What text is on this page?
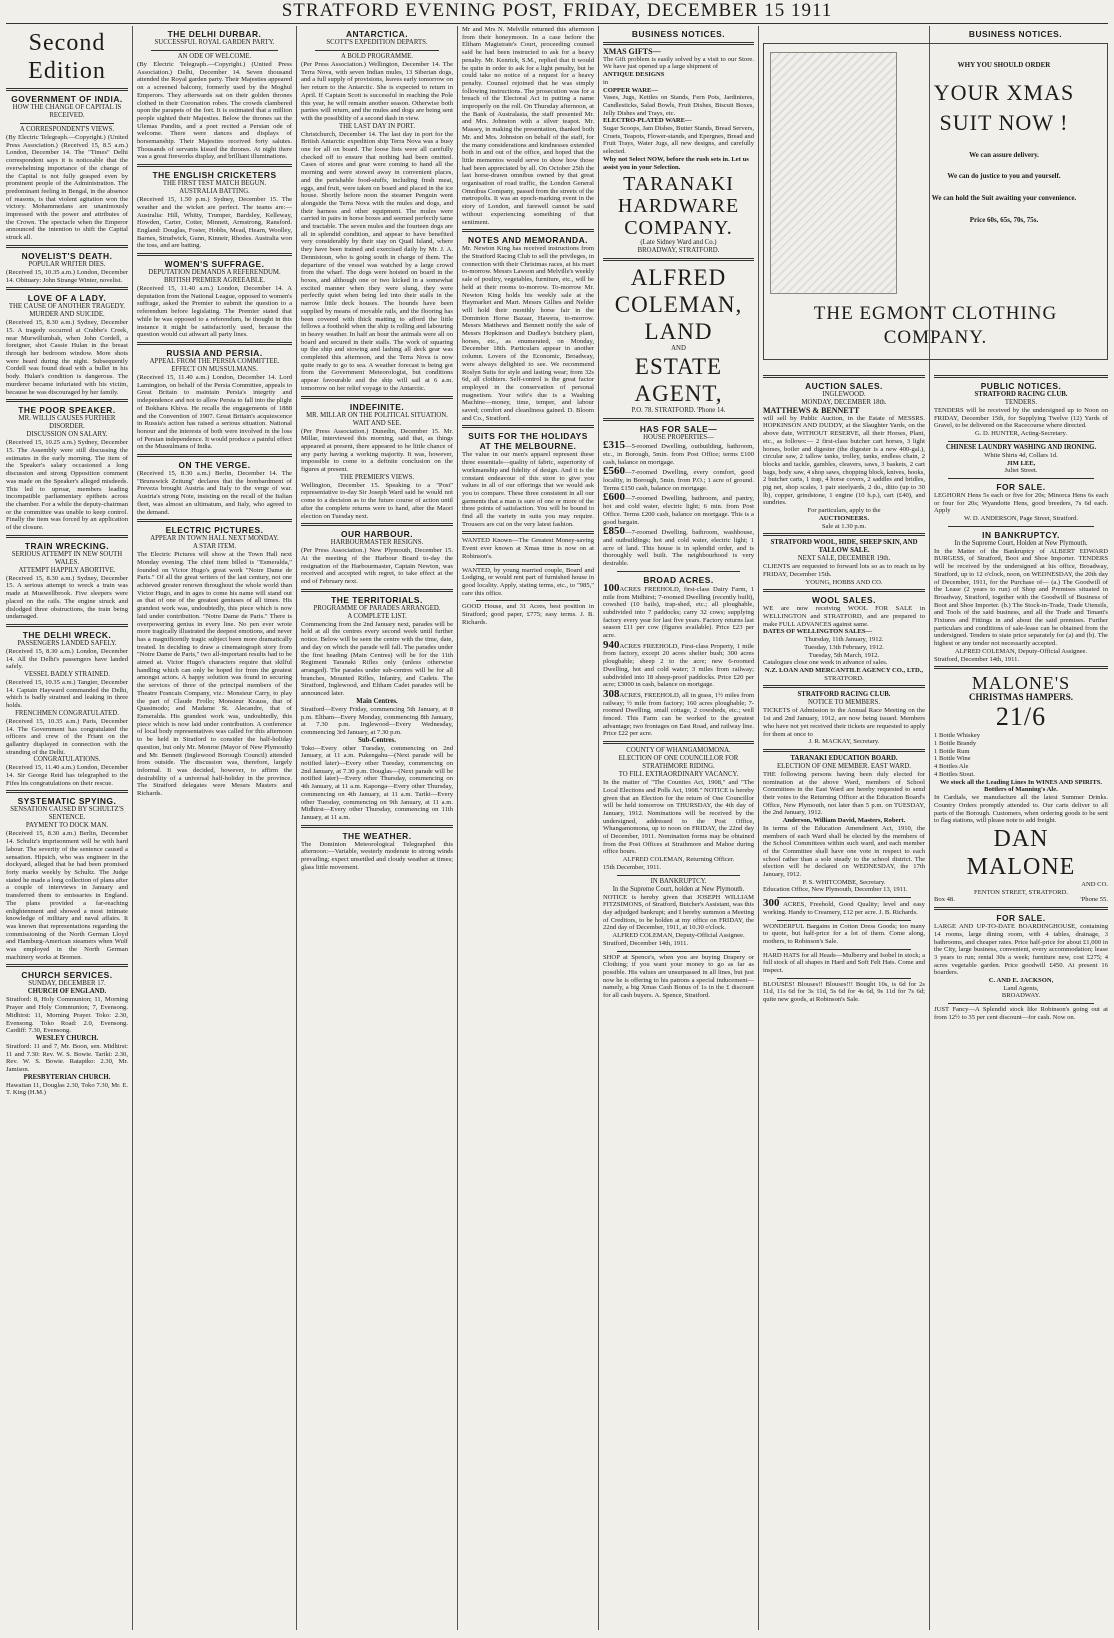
STRATFORD EVENING POST, FRIDAY, DECEMBER 15 1911
Second Edition
GOVERNMENT OF INDIA.
HOW THE CHANGE OF CAPITAL IS RECEIVED.
A CORRESPONDENT'S VIEWS.
(By Electric Telegraph.—Copyright.) (United Press Association.) (Received 15, 8.5 a.m.) London, December 14. The "Times" Delhi correspondent says it is noticeable that the overwhelming importance of the change of the Capital is not fully grasped even by prominent people of the Administration. The predominant feeling in Bengal, in the absence of reasons, is that violent agitation won the victory. Mohammedans are unanimously impressed with the power and attributes of the Crown. The spectacle when the Emperor announced the intention to shift the Capital struck all.
NOVELIST'S DEATH.
POPULAR WRITER DIES.
(Received 15, 10.35 a.m.) London, December 14. Obituary: John Strange Winter, novelist.
LOVE OF A LADY.
THE CAUSE OF ANOTHER TRAGEDY.
MURDER AND SUICIDE.
(Received 15, 8.30 a.m.) Sydney, December 15. A tragedy occurred at Crabbe's Creek, near Murwillumbah, when John Cordell, a foreigner, shot Cassie Hulan in the breast through her bedroom window. More shots were heard during the night. Subsequently Cordell was found dead with a bullet in his body. Hulan's condition is dangerous. The murderer became infuriated with his victim, because he was discouraged by her family.
THE POOR SPEAKER.
MR. WILLIS CAUSES FURTHER DISORDER.
DISCUSSION ON SALARY.
(Received 15, 10.25 a.m.) Sydney, December 15. The Assembly were still discussing the estimates in the early morning. The item of the Speaker's salary occasioned a long discussion and strong Opposition comment was made on the Speaker's alleged misdeeds. This led to uproar, members leading incompatible parliamentary epithets across the chamber. For a while the deputy-chairman or the committee was unable to keep control. Finally the item was forced by an application of the closure.
TRAIN WRECKING.
SERIOUS ATTEMPT IN NEW SOUTH WALES.
ATTEMPT HAPPILY ABORTIVE.
(Received 15, 8.30 a.m.) Sydney, December 15. A serious attempt to wreck a train was made at Muswellbrook. Five sleepers were placed on the rails. The engine struck and dislodged three obstructions, the train being undamaged.
THE DELHI WRECK.
PASSENGERS LANDED SAFELY.
(Received 15, 8.30 a.m.) London, December 14. All the Delhi's passengers have landed safely.
VESSEL BADLY STRAINED.
(Received 15, 10.35 a.m.) Tangier, December 14. Captain Hayward commanded the Delhi, which is badly strained and leaking in three holds.
FRENCHMEN CONGRATULATED.
(Received 15, 10.35 a.m.) Paris, December 14. The Government has congratulated the officers and crew of the Friant on the gallantry displayed in connection with the stranding of the Delhi.
CONGRATULATIONS.
(Received 15, 11.40 a.m.) London, December 14. Sir George Reid has telegraphed to the Fifes his congratulations on their rescue.
SYSTEMATIC SPYING.
SENSATION CAUSED BY SCHULTZ'S SENTENCE.
PAYMENT TO DOCK MAN.
(Received 15, 8.30 a.m.) Berlin, December 14. Schultz's imprisonment will be with hard labour. The severity of the sentence caused a sensation. Hipsich, who was engineer in the dockyard, alleged that he had been promised forty marks weekly by Schultz. The Judge stated he made a long collection of plans after a couple of interviews in January and transferred them to emissaries in England. The plans provided a far-reaching enlightenment and showed a most intimate knowledge of military and naval affairs. It was known that representations regarding the commissioning of the North German Lloyd and Hamburg-American steamers when Wulf was employed in the North German machinery works at Bremen.
CHURCH SERVICES.
SUNDAY, DECEMBER 17.
CHURCH OF ENGLAND.
Stratford: 8, Holy Communion; 11, Morning Prayer and Holy Communion; 7, Evensong. Midhirst: 11, Morning Prayer. Toko: 2.30, Evensong. Toko Road: 2.0, Evensong. Cardiff: 7.30, Evensong.
WESLEY CHURCH.
Stratford: 11 and 7, Mr. Boon, sen. Midhirst: 11 and 7.30: Rev. W. S. Bowie. Tariki: 2.30, Rev. W. S. Bowie. Ratapiko: 2.30, Mr. Jamison.
PRESBYTERIAN CHURCH.
Hawaiian 11, Douglas 2.30, Toko 7.30, Mr. E. T. King (H.M.)
THE DELHI DURBAR.
SUCCESSFUL ROYAL GARDEN PARTY.
AN ODE OF WELCOME.
(By Electric Telegraph.—Copyright.) (United Press Association.) Delhi, December 14. Seven thousand attended the Royal garden party. Their Majesties appeared on a screened balcony, formerly used by the Moghul Emperors. They afterwards sat on their golden thrones clothed in their Coronation robes. The crowds clambered upon the parapets of the fort. It is estimated that a million people sighted their Majesties. Below the thrones sat the Ulemas Pundits, and a poet recited a Persian ode of welcome. There were dances and displays of horsemanship. Their Majesties received forty salutes. Thousands of servants kissed the thrones. At night there was a great fireworks display, and brilliant illuminations.
THE ENGLISH CRICKETERS
THE FIRST TEST MATCH BEGUN.
AUSTRALIA BATTING.
(Received 15, 1.50 p.m.) Sydney, December 15. The weather and the wicket are perfect. The teams are:—Australia: Hill, Whitty, Trumper, Bardsley, Kelleway, Howden, Carter, Cotter, Minnett, Armstrong, Ransford. England: Douglas, Foster, Hobbs, Mead, Hearn, Woolley, Barnes, Strudwick, Gunn, Kinneir, Rhodes. Australia won the toss, and are batting.
WOMEN'S SUFFRAGE.
DEPUTATION DEMANDS A REFERENDUM.
BRITISH PREMIER AGREEABLE.
(Received 15, 11.40 a.m.) London, December 14. A deputation from the National League, opposed to women's suffrage, asked the Premier to submit the question to a referendum before legislating. The Premier stated that while he was opposed to a referendum, he thought in this instance it might be satisfactorily used, because the question would cut athwart all party lines.
RUSSIA AND PERSIA.
APPEAL FROM THE PERSIA COMMITTEE.
EFFECT ON MUSSULMANS.
(Received 15, 11.40 a.m.) London, December 14. Lord Lamington, on behalf of the Persia Committee, appeals to Great Britain to maintain Persia's integrity and independence and not to allow Persia to fall into the plight of Bokhara Khiva. He recalls the engagements of 1888 and the Convention of 1907. Great Britain's acquiescence in Russia's action has raised a serious situation. National honour and the interests of both were involved in the loss of Persian independence. It would produce a painful effect on the Mussulmans of India.
ON THE VERGE.
(Received 15, 8.30 a.m.) Berlin, December 14. The "Brunswick Zeitung" declares that the bombardment of Preveza brought Austria and Italy to the verge of war. Austria's strong Note, insisting on the recall of the Italian fleet, was almost an ultimatum, and Italy, who agreed to the demand.
ELECTRIC PICTURES.
APPEAR IN TOWN HALL NEXT MONDAY.
A STAR ITEM.
The Electric Pictures will show at the Town Hall next Monday evening. The chief item billed is "Esmeralda," founded on Victor Hugo's great work "Notre Dame de Paris." Of all the great writers of the last century, not one achieved greater renown throughout the whole world than Victor Hugo, and in ages to come his name will stand out as that of one of the greatest geniuses of all times. His grandest work was, undoubtedly, this piece which is now laid under contribution. "Notre Dame de Paris." There is overpowering genius in every line. No pen ever wrote more tragically illustrated the deepest emotions, and never has a magnificently tragic subject been more dramatically treated. In deciding to draw a cinematograph story from "Notre Dame de Paris," two all-important results had to be aimed at. Victor Hugo's characters require that skilful handling which can only be hoped for from the greatest amongst actors. A happy solution was found in securing the services of three of the principal members of the Theatre Francais Company, viz.: Monsieur Carry, to play the part of Claude Frollo; Monsieur Krauss, that of Quasimodo; and Madame St. Alecandre, that of Esmeralda. His grandest work was, undoubtedly, this piece which is now laid under contribution. A conference of local body representatives was called for this afternoon to be held in Stratford to consider the half-holiday question, but only Mr. Monroe (Mayor of New Plymouth) and Mr. Bennett (Inglewood Borough Council) attended from outside. The discussion was, therefore, largely informal. It was decided, however, to affirm the desirability of a universal half-holiday in the province. The Stratford delegates were Messrs Masters and Richards.
ANTARCTICA.
SCOTT'S EXPEDITION DEPARTS.
A BOLD PROGRAMME.
(Per Press Association.) Wellington, December 14. The Terra Nova, with seven Indian mules, 13 Siberian dogs, and a full supply of provisions, leaves early tomorrow on her return to the Antarctic. She is expected to return in April. If Captain Scott is successful in reaching the Pole this year, he will remain another season. Otherwise both parties will return, and the mules and dogs are being sent with the possibility of a second dash in view.
THE LAST DAY IN PORT.
Christchurch, December 14. The last day in port for the British Antarctic expedition ship Terra Nova was a busy one for all on board. The loose lists were all carefully checked off to ensure that nothing had been omitted. Cases of stores and gear were coming to hand all the morning and were stowed away in convenient places, and the perishable food-stuffs, including fresh meat, eggs, and fruit, were taken on board and placed in the ice house. Shortly before noon the steamer Penguin went alongside the Terra Nova with the mules and dogs, and their harness and other equipment. The mules were carried in pairs in horse boxes and seemed perfectly tame and tractable. The seven mules and the fourteen dogs are all in splendid condition, and appear to have benefited very considerably by their stay on Quail Island, where they have been trained and exercised daily by Mr. J. A. Dennistoun, who is going south in charge of them. The departure of the vessel was watched by a large crowd from the wharf. The dogs were hoisted on board in the boxes, and although one or two kicked in a somewhat excited manner when they were slung, they were perfectly quiet when being led into their stalls in the narrow little deck houses. The hounds have been supplied by means of movable rails, and the flooring has been covered with thick matting to afford the little fellows a foothold when the ship is rolling and labouring in heavy weather. In half an hour the animals were all on board and secured in their stalls. The work of squaring up the ship and stowing and lashing all deck gear was completed this afternoon, and the Terra Nova is now quite ready to go to sea. A weather forecast is being got from the Government Meteorologist, but conditions appear favourable and the ship will sail at 6 a.m. tomorrow on her relief voyage to the Antarctic.
INDEFINITE.
MR. MILLAR ON THE POLITICAL SITUATION.
WAIT AND SEE.
(Per Press Association.) Dunedin, December 15. Mr. Millar, interviewed this morning, said that, as things appeared at present, there appeared to be little chance of any party having a working majority. It was, however, impossible to come to a definite conclusion on the figures at present.
THE PREMIER'S VIEWS.
Wellington, December 15. Speaking to a "Post" representative to-day Sir Joseph Ward said he would not come to a decision as to the future course of action until after the complete returns were to hand, after the Maori election on Tuesday next.
OUR HARBOUR.
HARBOURMASTER RESIGNS.
(Per Press Association.) New Plymouth, December 15. At the meeting of the Harbour Board to-day the resignation of the Harbourmaster, Captain Newton, was received and accepted with regret, to take effect at the end of February next.
THE TERRITORIALS.
PROGRAMME OF PARADES ARRANGED.
A COMPLETE LIST.
Commencing from the 2nd January next, parades will be held at all the centres every second week until further notice. Below will be seen the centre with the time, date, and day on which the parade will fall. The parades under the first heading (Main Centres) will be for the 11th Regiment Taranaki Rifles only (unless otherwise arranged). The parades under sub-centres will be for all branches, Mounted Rifles, Infantry, and Cadets. The Stratford, Inglewood, and Eltham Cadet parades will be announced later.
Main Centres.
Stratford—Every Friday, commencing 5th January, at 8 p.m. Eltham—Every Monday, commencing 8th January, at 7.30 p.m. Inglewood—Every Wednesday, commencing 3rd January, at 7.30 p.m.
Sub-Centres.
Toko—Every other Tuesday, commencing on 2nd January, at 11 a.m. Pukengahu—(Next parade will be notified later)—Every other Tuesday, commencing on 2nd January, at 7.30 p.m. Douglas—(Next parade will be notified later)—Every other Thursday, commencing on 4th January, at 11 a.m. Kaponga—Every other Thursday, commencing on 4th January, at 11 a.m. Tariki—Every other Tuesday, commencing on 9th January, at 11 a.m. Midhirst—Every other Thursday, commencing on 11th January, at 11 a.m.
THE WEATHER.
The Dominion Meteorological Telegraphed this afternoon:—Variable, westerly moderate to strong winds prevailing; expect unsettled and cloudy weather at times; glass little movement.
Mr and Mrs N. Melville returned this afternoon from their honeymoon. In a case before the Eltham Magistrate's Court, proceeding counsel said he had been instructed to ask for a heavy penalty. Mr. Kenrick, S.M., replied that it would be quite in order to ask for a light penalty, but he could take no notice of a request for a heavy penalty. Counsel rejoined that he was simply following instructions. The prosecution was for a breach of the Electoral Act in putting a name improperly on the roll. On Thursday afternoon, at the Bank of Australasia, the staff presented Mr. and Mrs. Johnston with a silver teapot. Mr. Massey, in making the presentation, thanked both Mr. and Mrs. Johnston on behalf of the staff, for the many considerations and kindnesses extended both in and out of the office, and hoped that the little mementos would serve to show how those had been appreciated by all. On October 25th the last horse-drawn omnibus owned by that great organisation of road traffic, the London General Omnibus Company, passed from the streets of the metropolis. It was an epoch-marking event in the story of London, and farewell cannot be said without experiencing something of that sentiment.
NOTES AND MEMORANDA.
Mr. Newton King has received instructions from the Stratford Racing Club to sell the privileges, in connection with their Christmas races, at his mart to-morrow. Messrs Lawson and Melville's weekly sale of poultry, vegetables, furniture, etc., will be held at their rooms to-morrow. To-morrow Mr. Newton King holds his weekly sale at the Haymarket and Mart. Messrs Gillies and Nelder will hold their monthly horse fair in the Dominion Horse Bazaar, Hawera, to-morrow. Messrs Matthews and Bennett notify the sale of Messrs Hopkinson and Dudley's butchery plant, horses, etc., as enumerated, on Monday, December 18th. Particulars appear in another column. Lovers of the Economic, Broadway, were always delighted to see. We recommend Roslyn Suits for style and lasting wear; from 32s 6d, all clothiers. Self-control is the great factor employed in the conservation of personal magnetism. Your wife's due is a Washing Machine—money, time, temper, and labour saved; comfort and cleanliness gained. D. Bloom and Co., Stratford.
SUITS FOR THE HOLIDAYS AT THE MELBOURNE.
The value in our men's apparel represent these three essentials—quality of fabric, superiority of workmanship and fidelity of design. And it is the constant endeavour of this store to give you values in all of our offerings that we would ask you to compare. These three consistent in all our garments that a man is sure of one or more of the three points of satisfaction. You will be bound to find all the variety in suits you may require. Trousers are cut on the very latest fashion.
WANTED Known—The Greatest Money-saving Event ever known at Xmas time is now on at Robinson's.
WANTED, by young married couple, Board and Lodging, or would rent part of furnished house in good locality. Apply, stating terms, etc., to "985," care this office.
GOOD House, and 31 Acres, best position in Stratford; good paper, £775; easy terms. J. B. Richards.
BUSINESS NOTICES.
XMAS GIFTS—
The Gift problem is easily solved by a visit to our Store. We have just opened up a large shipment of
ANTIQUE DESIGNS
in
COPPER WARE—
Vases, Jugs, Kettles on Stands, Fern Pots, Jardinieres, Candlesticks, Salad Bowls, Fruit Dishes, Biscuit Boxes, Jelly Dishes and Trays, etc.
ELECTRO-PLATED WARE—
Sugar Scoops, Jam Dishes, Butter Stands, Bread Servers, Cruets, Teapots, Flower-stands, and Epergnes, Bread and Fruit Trays, Water Jugs, all new designs, and carefully selected.
Why not Select NOW, before the rush sets in. Let us assist you in your Selection.
TARANAKI
HARDWARE
COMPANY.
(Late Sidney Ward and Co.)
BROADWAY, STRATFORD.
ALFRED
COLEMAN,
LAND
AND
ESTATE
AGENT,
P.O. 78. STRATFORD. 'Phone 14.
HAS FOR SALE—
HOUSE PROPERTIES—
£315—5-roomed Dwelling, outbuilding, bathroom, etc., in Borough, 5min. from Post Office; terms £100 cash, balance on mortgage.
£560—7-roomed Dwelling, every comfort, good locality, in Borough, 5min. from P.O.; 1 acre of ground. Terms £150 cash, balance on mortgage.
£600—7-roomed Dwelling, bathroom, and pantry, hot and cold water, electric light; 6 min. from Post Office. Terms £200 cash, balance on mortgage. This is a good bargain.
£850—7-roomed Dwelling, bathroom, washhouse, and outbuildings; hot and cold water, electric light; 1 acre of land. This house is in splendid order, and is thoroughly well built. The neighbourhood is very desirable.
BROAD ACRES.
100ACRES FREEHOLD, first-class Dairy Farm, 1 mile from Midhirst; 7-roomed Dwelling (recently built), cowshed (10 bails), trap-shed, etc.; all ploughable, subdivided into 7 paddocks; carry 32 cows; supplying factory every year for last five years. Factory returns last season £11 per cow (figures available). Price £23 per acre.
940ACRES FREEHOLD, First-class Property, 1 mile from factory, except 20 acres shelter bush; 300 acres ploughable; sheep 2 to the acre; new 6-roomed Dwelling, hot and cold water; 3 miles from railway; subdivided into 18 sheep-proof paddocks. Price £20 per acre; £3000 in cash, balance on mortgage.
308ACRES, FREEHOLD, all in grass, 1½ miles from railway; ½ mile from factory; 160 acres ploughable; 7-roomed Dwelling, small cottage, 2 cowsheds, etc.; well fenced. This Farm can be worked to the greatest advantage; two frontages on East Road, and railway line. Price £22 per acre.
COUNTY OF WHANGAMOMONA.
ELECTION OF ONE COUNCILLOR FOR STRATHMORE RIDING.
TO FILL EXTRAORDINARY VACANCY.
In the matter of "The Counties Act, 1908," and "The Local Elections and Polls Act, 1908." NOTICE is hereby given that an Election for the return of One Councillor will be held tomorrow on THURSDAY, the 4th day of January, 1912. Nominations will be received by the undersigned, addressed to the Post Office, Whangamomona, up to noon on FRIDAY, the 22nd day of December, 1911. Nomination forms may be obtained from the Post Offices at Strathmore and Mahoe during office hours.
ALFRED COLEMAN, Returning Officer.
15th December, 1911.
IN BANKRUPTCY.
In the Supreme Court, holden at New Plymouth.
NOTICE is hereby given that JOSEPH WILLIAM FITZSIMONS, of Stratford, Butcher's Assistant, was this day adjudged bankrupt; and I hereby summon a Meeting of Creditors, to be holden at my office on FRIDAY, the 22nd day of December, 1911, at 10.30 o'clock.
ALFRED COLEMAN, Deputy-Official Assignee.
Stratford, December 14th, 1911.
SHOP at Spence's, when you are buying Drapery or Clothing; if you want your money to go as far as possible. His values are unsurpassed in all lines, but just now he is offering to his patrons a special inducement—namely, a big Xmas Cash Bonus of 1s in the £ discount for all cash buyers. A. Spence, Stratford.
BUSINESS NOTICES.
WHY YOU SHOULD ORDER
YOUR XMAS
SUIT NOW !
We can assure delivery.
We can do justice to you and yourself.
We can hold the Suit awaiting your convenience.
Price 60s, 65s, 70s, 75s.
THE EGMONT CLOTHING COMPANY.
AUCTION SALES.
INGLEWOOD.
MONDAY, DECEMBER 18th.
MATTHEWS & BENNETT
will sell by Public Auction, in the Estate of MESSRS. HOPKINSON AND DUDDY, at the Slaughter Yards, on the above date, WITHOUT RESERVE, all their Horses, Plant, etc., as follows:— 2 first-class butcher cart horses, 3 light horses, boiler and digester (the digester is a new 400-gal.), circular saw, 2 tallow tanks, trolley, tanks, endless chain, 2 blocks and tackle, gambles, cleavers, saws, 3 baskets, 2 cart bags, body saw, 4 shop saws, chopping block, knives, hooks, 2 butcher carts, 1 trap, 4 horse covers, 2 saddles and bridles, pig net, shop scales, 1 pair steelyards, 2 do., ditto (up to 30 lb), copper, grindstone, 1 engine (10 h.p.), cart (£40), and sundries.
For particulars, apply to the
AUCTIONEERS.
Sale at 1.30 p.m.
STRATFORD WOOL, HIDE, SHEEP SKIN, AND TALLOW SALE.
NEXT SALE, DECEMBER 19th.
CLIENTS are requested to forward lots so as to reach us by FRIDAY, December 15th.
YOUNG, HOBBS AND CO.
WOOL SALES.
WE are now receiving WOOL FOR SALE in WELLINGTON and STRATFORD, and are prepared to make FULL ADVANCES against same.
DATES OF WELLINGTON SALES—
Thursday, 11th January, 1912.
Tuesday, 13th February, 1912.
Tuesday, 5th March, 1912.
Catalogues close one week in advance of sales.
N.Z. LOAN AND MERCANTILE AGENCY CO., LTD.,
STRATFORD.
STRATFORD RACING CLUB.
NOTICE TO MEMBERS.
TICKETS of Admission to the Annual Race Meeting on the 1st and 2nd January, 1912, are now being issued. Members who have not yet received their tickets are requested to apply for them at once to
J. R. MACKAY, Secretary.
TARANAKI EDUCATION BOARD.
ELECTION OF ONE MEMBER. EAST WARD.
THE following persons having been duly elected for nomination at the above Ward, members of School Committees in the East Ward are hereby requested to send their votes to the Returning Officer at the Education Board's Office, New Plymouth, not later than 5 p.m. on TUESDAY, the 2nd January, 1912.
Anderson, William David, Masters, Robert.
In terms of the Education Amendment Act, 1910, the members of each Ward shall be elected by the members of the School Committees within such ward, and each member of the Committee shall have one vote in respect to each school rather than a sole steady to the school district. The election will be declared on WEDNESDAY, the 17th January, 1912.
P. S. WHITCOMBE, Secretary.
Education Office, New Plymouth, December 13, 1911.
300 ACRES, Freehold, Good Quality; level and easy working. Handy to Creamery, £12 per acre. J. B. Richards.
WONDERFUL Bargains in Cotton Dress Goods; too many to quote, but half-price for a lot of them. Come along, mothers, to Robinson's Sale.
HARD HATS for all Heads—Mulberry and Isobel in stock; a full stock of all shapes in Hard and Soft Felt Hats. Come and inspect.
BLOUSES! Blouses!! Blouses!!! Bought 10s, is 6d for 2s 11d, 11s 6d for 3s 11d, 5s 6d for 4s 6d, 9s 11d for 7s 6d; quite new goods, at Robinson's Sale.
PUBLIC NOTICES.
STRATFORD RACING CLUB.
TENDERS.
TENDERS will be received by the undersigned up to Noon on FRIDAY, December 15th, for Supplying Twelve (12) Yards of Gravel, to be delivered on the Racecourse where directed.
G. D. HUNTER, Acting-Secretary.
CHINESE LAUNDRY WASHING AND IRONING.
White Shirts 4d, Collars 1d.
JIM LEE,
Juliet Street.
FOR SALE.
LEGHORN Hens 5s each or five for 20s; Minorca Hens 6s each or four for 20s; Wyandotte Hens, good breeders, 7s 6d each. Apply
W. D. ANDERSON, Page Street, Stratford.
IN BANKRUPTCY.
In the Supreme Court, Holden at New Plymouth.
In the Matter of the Bankruptcy of ALBERT EDWARD BURGESS, of Stratford, Boot and Shoe Importer. TENDERS will be received by the undersigned at his office, Broadway, Stratford, up to 12 o'clock, noon, on WEDNESDAY, the 20th day of December, 1911, for the Purchase of— (a.) The Goodwill of the Lease (2 years to run) of Shop and Premises situated in Broadway, Stratford, together with the Goodwill of Business of Boot and Shoe Importer. (b.) The Stock-in-Trade, Trade Utensils, and Tools of the said business, and all the Trade and Tenant's Fixtures and Fittings in and about the said premises. Further particulars and conditions of sale-lease can be obtained from the undersigned. Tenders to state price separately for (a) and (b). The highest or any tender not necessarily accepted.
ALFRED COLEMAN, Deputy-Official Assignee.
Stratford, December 14th, 1911.
MALONE'S
CHRISTMAS HAMPERS.
21/6
1 Bottle Whiskey
1 Bottle Brandy
1 Bottle Rum
1 Bottle Wine
4 Bottles Ale
4 Bottles Stout.
We stock all the Leading Lines In WINES AND SPIRITS.
Bottlers of Manning's Ale.
In Cardials, we manufacture all the latest Summer Drinks. Country Orders promptly attended to. Our carts deliver to all parts of the Borough. Customers, when ordering goods to be sent to flag stations, will please note to add freight.
DAN
MALONE
AND CO.
FENTON STREET, STRATFORD.
Box 48.	'Phone 55.
FOR SALE.
LARGE AND UP-TO-DATE BOARDINGHOUSE, containing 14 rooms, large dining room, with 4 tables, drainage, 3 bathrooms, and cheaper rates. Price half-price for about £1,000 in the City, large business, convenient, every accommodation; lease 3 years to run; rental 30s a week; furniture new, cost £275; 4 acres vegetable garden. Price goodwill £450. At present 16 boarders.
C. AND E. JACKSON,
Land Agents,
BROADWAY.
JUST Fancy—A Splendid stock like Robinson's going out at from 12½ to 35 per cent discount—for cash. Now on.
